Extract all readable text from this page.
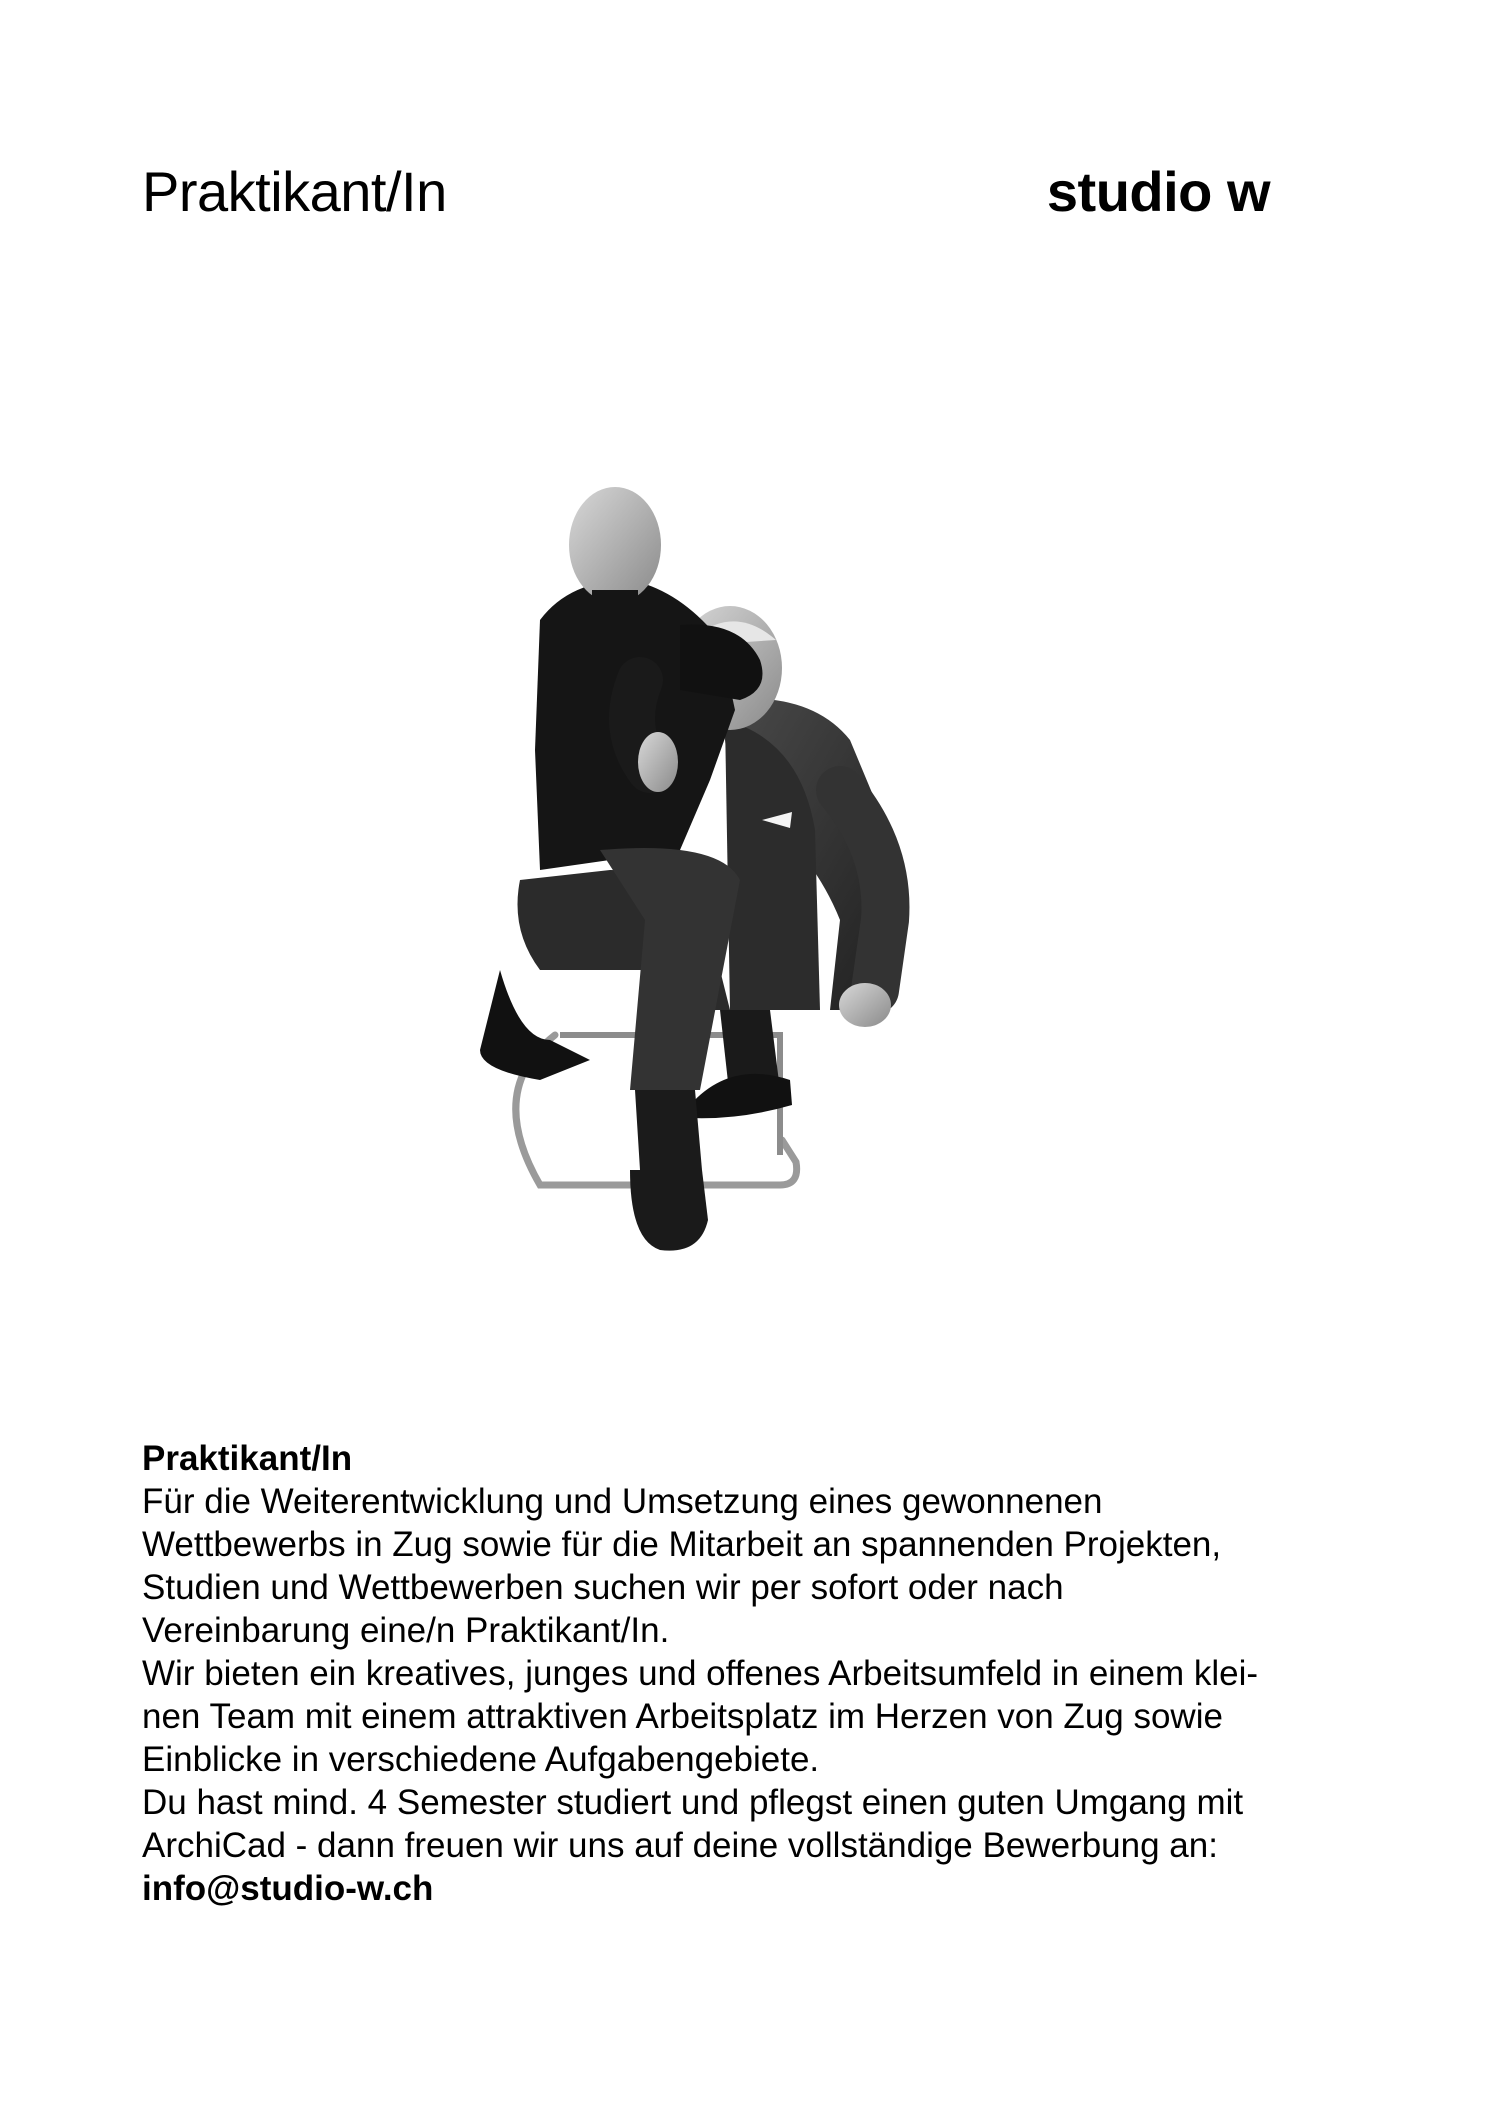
Praktikant/In	studio w

Praktikant/In

Für die Weiterentwicklung und Umsetzung eines gewonnenen

Wettbewerbs in Zug sowie für die Mitarbeit an spannenden Projekten,

Studien und Wettbewerben suchen wir per sofort oder nach

Vereinbarung eine/n Praktikant/In.

Wir bieten ein kreatives, junges und offenes Arbeitsumfeld in einem klei-

nen Team mit einem attraktiven Arbeitsplatz im Herzen von Zug sowie

Einblicke in verschiedene Aufgabengebiete.

Du hast mind. 4 Semester studiert und pflegst einen guten Umgang mit

ArchiCad - dann freuen wir uns auf deine vollständige Bewerbung an:

info@studio-w.ch
